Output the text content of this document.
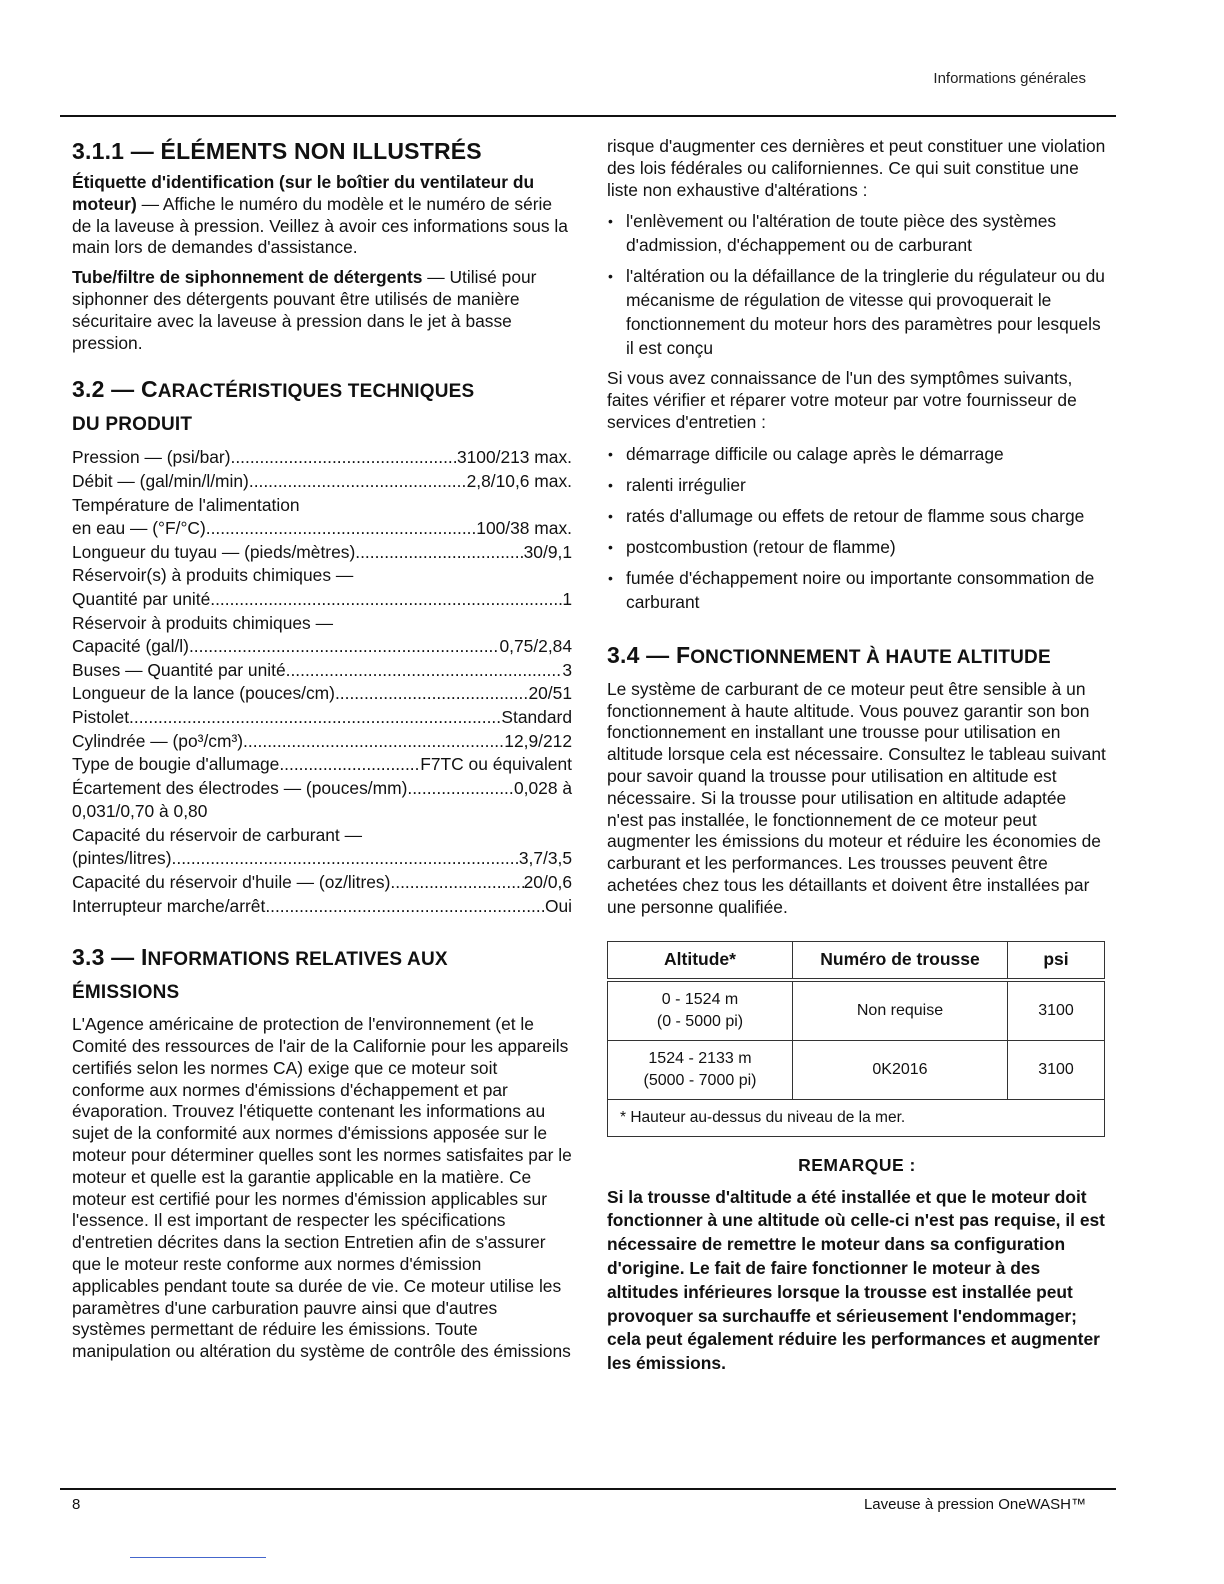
Informations générales
3.1.1 — ÉLÉMENTS NON ILLUSTRÉS

Étiquette d'identification (sur le boîtier du ventilateur du moteur) — Affiche le numéro du modèle et le numéro de série de la laveuse à pression. Veillez à avoir ces informations sous la main lors de demandes d'assistance.

Tube/filtre de siphonnement de détergents — Utilisé pour siphonner des détergents pouvant être utilisés de manière sécuritaire avec la laveuse à pression dans le jet à basse pression.

3.2 — CARACTÉRISTIQUES TECHNIQUES
DU PRODUIT
Pression — (psi/bar) .....	3100/213 max.
Débit — (gal/min/l/min) .....	2,8/10,6 max.
Température de l'alimentation
en eau — (°F/°C) .....	100/38 max.
Longueur du tuyau — (pieds/mètres) .....	30/9,1
Réservoir(s) à produits chimiques —
Quantité par unité .....	1
Réservoir à produits chimiques —
Capacité (gal/l) .....	0,75/2,84
Buses — Quantité par unité .....	3
Longueur de la lance (pouces/cm) .....	20/51
Pistolet .....	Standard
Cylindrée — (po³/cm³) .....	12,9/212
Type de bougie d'allumage .....	F7TC ou équivalent
Écartement des électrodes — (pouces/mm) .....	0,028 à
0,031/0,70 à 0,80
Capacité du réservoir de carburant —
(pintes/litres) .....	3,7/3,5
Capacité du réservoir d'huile — (oz/litres) .....	20/0,6
Interrupteur marche/arrêt .....	Oui
3.3 — INFORMATIONS RELATIVES AUX
ÉMISSIONS

L'Agence américaine de protection de l'environnement (et le Comité des ressources de l'air de la Californie pour les appareils certifiés selon les normes CA) exige que ce moteur soit conforme aux normes d'émissions d'échappement et par évaporation. Trouvez l'étiquette contenant les informations au sujet de la conformité aux normes d'émissions apposée sur le moteur pour déterminer quelles sont les normes satisfaites par le moteur et quelle est la garantie applicable en la matière. Ce moteur est certifié pour les normes d'émission applicables sur l'essence. Il est important de respecter les spécifications d'entretien décrites dans la section Entretien afin de s'assurer que le moteur reste conforme aux normes d'émission applicables pendant toute sa durée de vie. Ce moteur utilise les paramètres d'une carburation pauvre ainsi que d'autres systèmes permettant de réduire les émissions. Toute manipulation ou altération du système de contrôle des émissions

risque d'augmenter ces dernières et peut constituer une violation des lois fédérales ou californiennes. Ce qui suit constitue une liste non exhaustive d'altérations :

• l'enlèvement ou l'altération de toute pièce des systèmes d'admission, d'échappement ou de carburant
• l'altération ou la défaillance de la tringlerie du régulateur ou du mécanisme de régulation de vitesse qui provoquerait le fonctionnement du moteur hors des paramètres pour lesquels il est conçu

Si vous avez connaissance de l'un des symptômes suivants, faites vérifier et réparer votre moteur par votre fournisseur de services d'entretien :

• démarrage difficile ou calage après le démarrage
• ralenti irrégulier
• ratés d'allumage ou effets de retour de flamme sous charge
• postcombustion (retour de flamme)
• fumée d'échappement noire ou importante consommation de carburant
3.4 — FONCTIONNEMENT À HAUTE ALTITUDE

Le système de carburant de ce moteur peut être sensible à un fonctionnement à haute altitude. Vous pouvez garantir son bon fonctionnement en installant une trousse pour utilisation en altitude lorsque cela est nécessaire. Consultez le tableau suivant pour savoir quand la trousse pour utilisation en altitude est nécessaire. Si la trousse pour utilisation en altitude adaptée n'est pas installée, le fonctionnement de ce moteur peut augmenter les émissions du moteur et réduire les économies de carburant et les performances. Les trousses peuvent être achetées chez tous les détaillants et doivent être installées par une personne qualifiée.

Altitude*	Numéro de trousse	psi
0 - 1524 m
(0 - 5000 pi)	Non requise	3100
1524 - 2133 m
(5000 - 7000 pi)	0K2016	3100
* Hauteur au-dessus du niveau de la mer.		
REMARQUE :

Si la trousse d'altitude a été installée et que le moteur doit fonctionner à une altitude où celle-ci n'est pas requise, il est nécessaire de remettre le moteur dans sa configuration d'origine. Le fait de faire fonctionner le moteur à des altitudes inférieures lorsque la trousse est installée peut provoquer sa surchauffe et sérieusement l'endommager; cela peut également réduire les performances et augmenter les émissions.

8	Laveuse à pression OneWASH™
